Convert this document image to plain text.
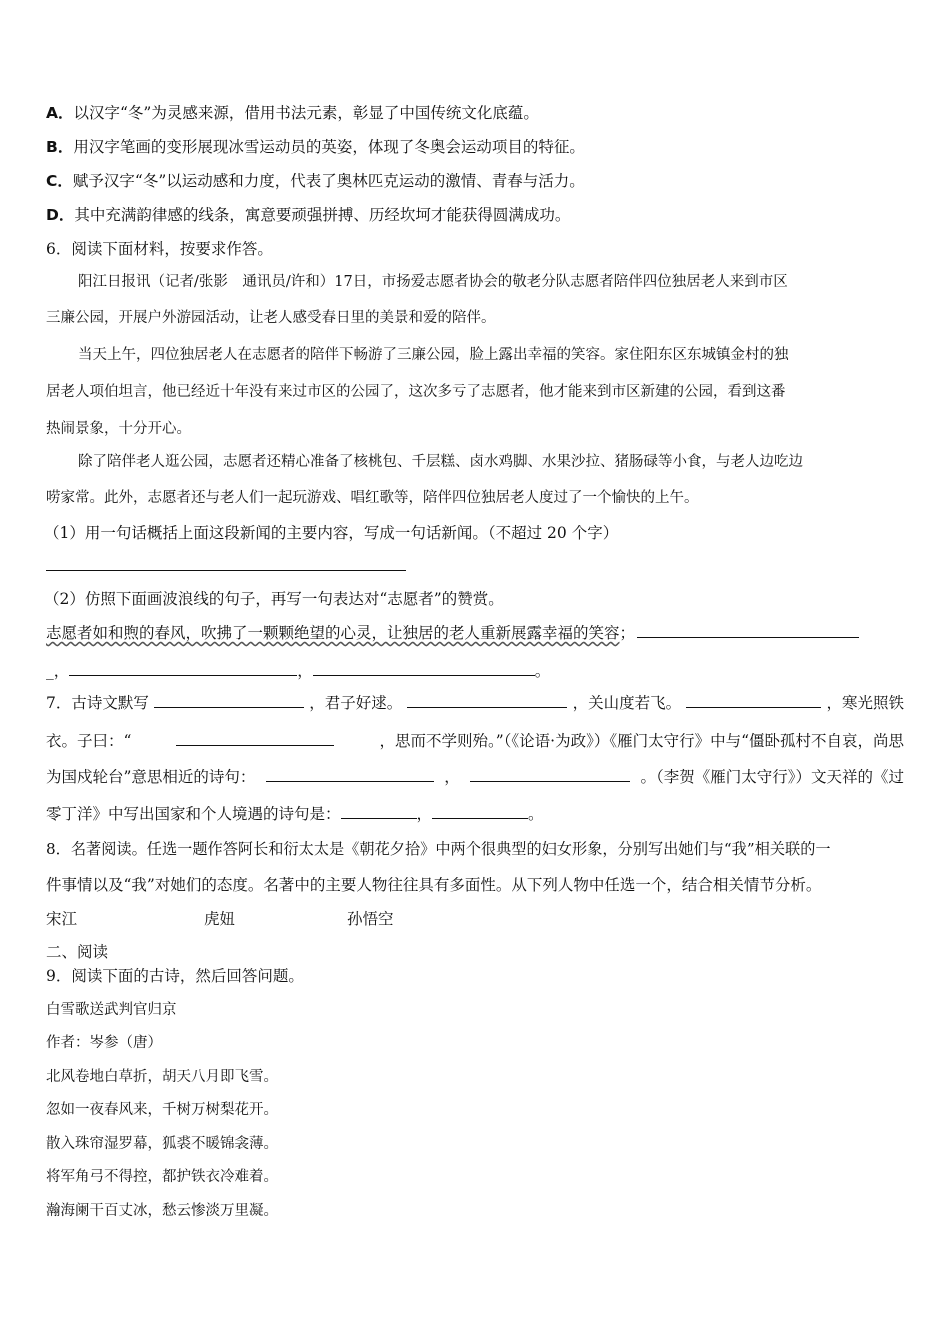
A．以汉字“冬”为灵感来源，借用书法元素，彰显了中国传统文化底蕴。
B．用汉字笔画的变形展现冰雪运动员的英姿，体现了冬奥会运动项目的特征。
C．赋予汉字“冬”以运动感和力度，代表了奥林匹克运动的激情、青春与活力。
D．其中充满韵律感的线条，寓意要顽强拼搏、历经坎坷才能获得圆满成功。
6．阅读下面材料，按要求作答。
阳江日报讯（记者/张影　通讯员/许和）17日，市扬爱志愿者协会的敬老分队志愿者陪伴四位独居老人来到市区
三廉公园，开展户外游园活动，让老人感受春日里的美景和爱的陪伴。
当天上午，四位独居老人在志愿者的陪伴下畅游了三廉公园，脸上露出幸福的笑容。家住阳东区东城镇金村的独
居老人项伯坦言，他已经近十年没有来过市区的公园了，这次多亏了志愿者，他才能来到市区新建的公园，看到这番
热闹景象，十分开心。
除了陪伴老人逛公园，志愿者还精心准备了核桃包、千层糕、卤水鸡脚、水果沙拉、猪肠碌等小食，与老人边吃边
唠家常。此外，志愿者还与老人们一起玩游戏、唱红歌等，陪伴四位独居老人度过了一个愉快的上午。
（1）用一句话概括上面这段新闻的主要内容，写成一句话新闻。（不超过 20 个字）
（2）仿照下面画波浪线的句子，再写一句表达对“志愿者”的赞赏。
志愿者如和煦的春风，吹拂了一颗颗绝望的心灵，让独居的老人重新展露幸福的笑容；
_，	，	。
7．古诗文默写	，君子好逑。	，关山度若飞。	，寒光照铁
衣。子曰：“	，思而不学则殆。”（《论语·为政》）《雁门太守行》中与“僵卧孤村不自哀，尚思
为国戍轮台”意思相近的诗句：	，	。（李贺《雁门太守行》）文天祥的《过
零丁洋》中写出国家和个人境遇的诗句是：	，	。
8．名著阅读。任选一题作答阿长和衍太太是《朝花夕拾》中两个很典型的妇女形象，分别写出她们与“我”相关联的一
件事情以及“我”对她们的态度。名著中的主要人物往往具有多面性。从下列人物中任选一个，结合相关情节分析。
宋江	虎妞	孙悟空
二、阅读
9．阅读下面的古诗，然后回答问题。
白雪歌送武判官归京
作者：岑参（唐）
北风卷地白草折，胡天八月即飞雪。
忽如一夜春风来，千树万树梨花开。
散入珠帘湿罗幕，狐裘不暖锦衾薄。
将军角弓不得控，都护铁衣冷难着。
瀚海阑干百丈冰，愁云惨淡万里凝。
